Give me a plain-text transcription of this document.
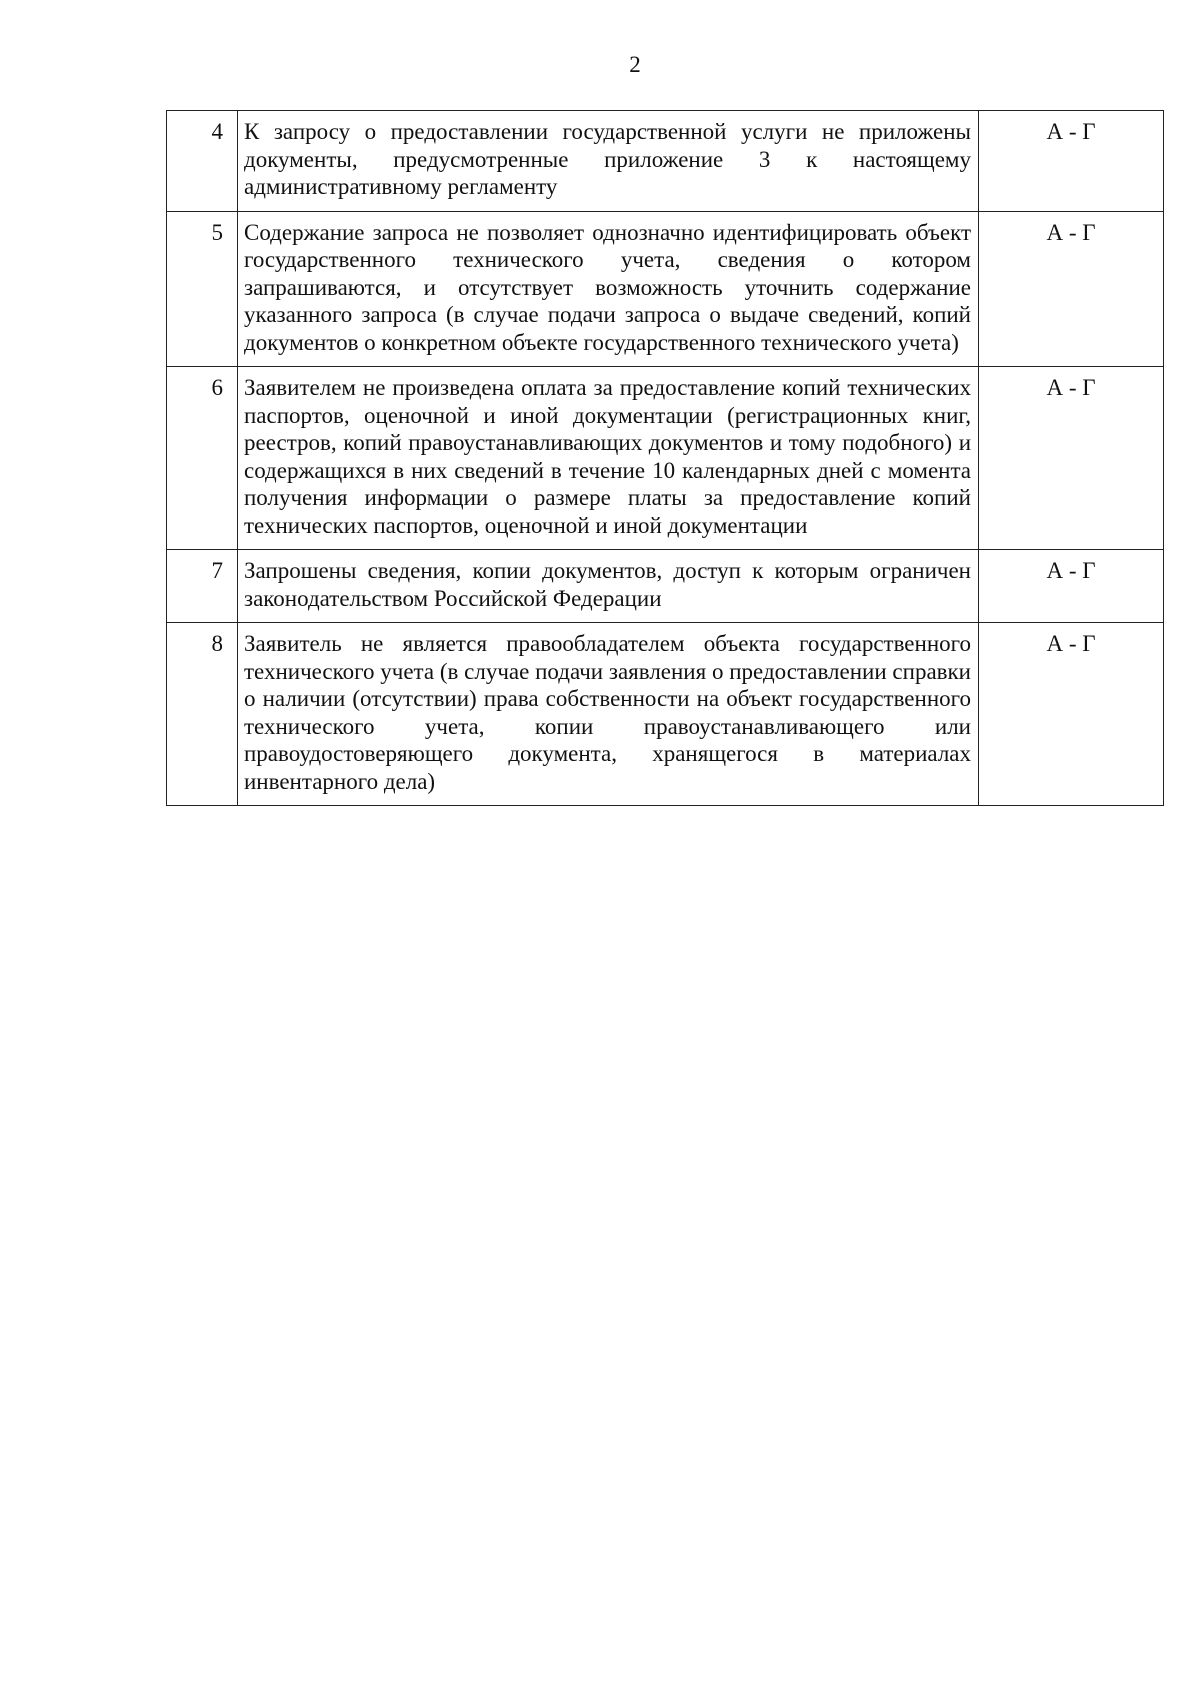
2
4	К запросу о предоставлении государственной услуги не приложены документы, предусмотренные приложение 3 к настоящему административному регламенту	А - Г
5	Содержание запроса не позволяет однозначно идентифицировать объект государственного технического учета, сведения о котором запрашиваются, и отсутствует возможность уточнить содержание указанного запроса (в случае подачи запроса о выдаче сведений, копий документов о конкретном объекте государственного технического учета)	А - Г
6	Заявителем не произведена оплата за предоставление копий технических паспортов, оценочной и иной документации (регистрационных книг, реестров, копий правоустанавливающих документов и тому подобного) и содержащихся в них сведений в течение 10 календарных дней с момента получения информации о размере платы за предоставление копий технических паспортов, оценочной и иной документации	А - Г
7	Запрошены сведения, копии документов, доступ к которым ограничен законодательством Российской Федерации	А - Г
8	Заявитель не является правообладателем объекта государственного технического учета (в случае подачи заявления о предоставлении справки о наличии (отсутствии) права собственности на объект государственного технического учета, копии правоустанавливающего или правоудостоверяющего документа, хранящегося в материалах инвентарного дела)	А - Г
